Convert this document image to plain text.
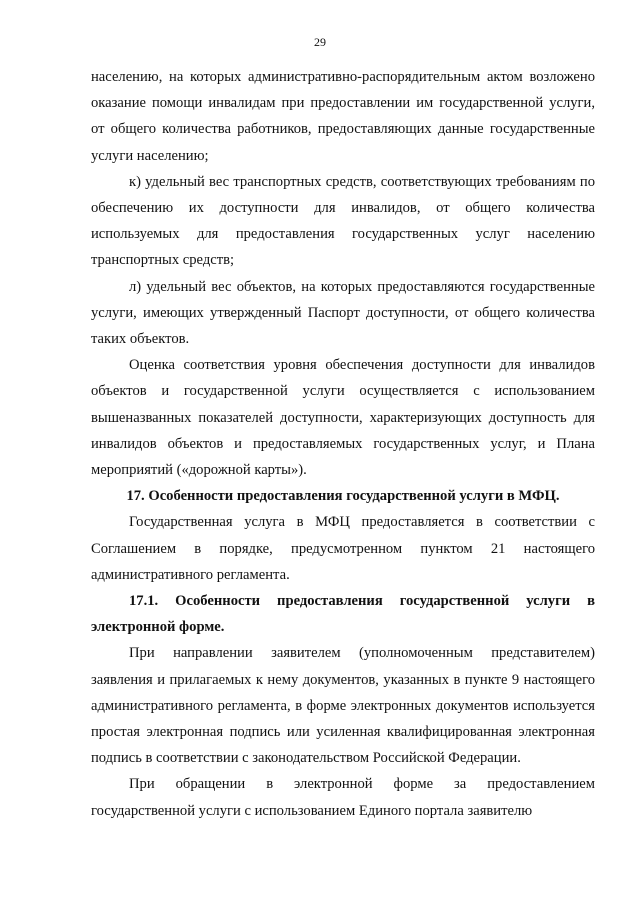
29

населению, на которых административно-распорядительным актом возложено оказание помощи инвалидам при предоставлении им государственной услуги, от общего количества работников, предоставляющих данные государственные услуги населению;

к) удельный вес транспортных средств, соответствующих требованиям по обеспечению их доступности для инвалидов, от общего количества используемых для предоставления государственных услуг населению транспортных средств;

л) удельный вес объектов, на которых предоставляются государственные услуги, имеющих утвержденный Паспорт доступности, от общего количества таких объектов.

Оценка соответствия уровня обеспечения доступности для инвалидов объектов и государственной услуги осуществляется с использованием вышеназванных показателей доступности, характеризующих доступность для инвалидов объектов и предоставляемых государственных услуг, и Плана мероприятий («дорожной карты»).

17. Особенности предоставления государственной услуги в МФЦ.

Государственная услуга в МФЦ предоставляется в соответствии с Соглашением в порядке, предусмотренном пунктом 21 настоящего административного регламента.

17.1. Особенности предоставления государственной услуги в электронной форме.

При направлении заявителем (уполномоченным представителем) заявления и прилагаемых к нему документов, указанных в пункте 9 настоящего административного регламента, в форме электронных документов используется простая электронная подпись или усиленная квалифицированная электронная подпись в соответствии с законодательством Российской Федерации.

При обращении в электронной форме за предоставлением государственной услуги с использованием Единого портала заявителю
